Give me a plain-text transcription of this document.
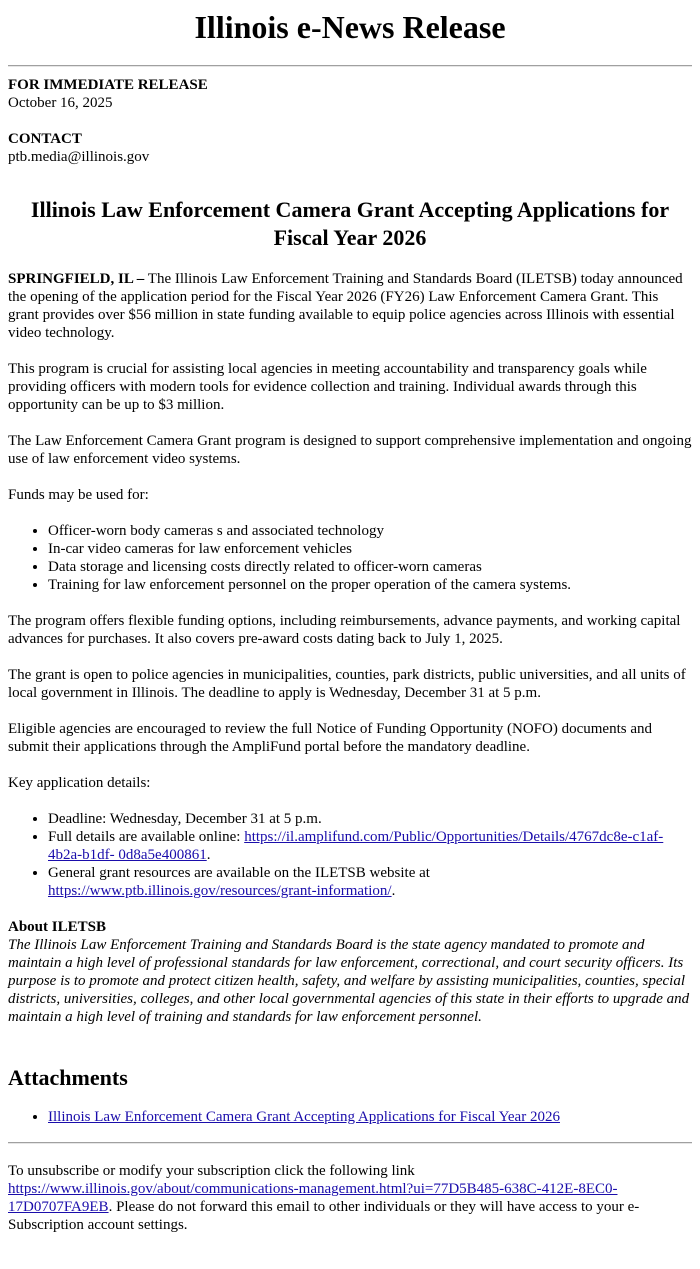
Illinois e-News Release
FOR IMMEDIATE RELEASE
October 16, 2025
CONTACT
ptb.media@illinois.gov
Illinois Law Enforcement Camera Grant Accepting Applications for Fiscal Year 2026

SPRINGFIELD, IL – The Illinois Law Enforcement Training and Standards Board (ILETSB) today announced the opening of the application period for the Fiscal Year 2026 (FY26) Law Enforcement Camera Grant. This grant provides over $56 million in state funding available to equip police agencies across Illinois with essential video technology.

This program is crucial for assisting local agencies in meeting accountability and transparency goals while providing officers with modern tools for evidence collection and training. Individual awards through this opportunity can be up to $3 million.

The Law Enforcement Camera Grant program is designed to support comprehensive implementation and ongoing use of law enforcement video systems.

Funds may be used for:

• Officer-worn body cameras s and associated technology
• In-car video cameras for law enforcement vehicles
• Data storage and licensing costs directly related to officer-worn cameras
• Training for law enforcement personnel on the proper operation of the camera systems.

The program offers flexible funding options, including reimbursements, advance payments, and working capital advances for purchases. It also covers pre-award costs dating back to July 1, 2025.

The grant is open to police agencies in municipalities, counties, park districts, public universities, and all units of local government in Illinois. The deadline to apply is Wednesday, December 31 at 5 p.m.

Eligible agencies are encouraged to review the full Notice of Funding Opportunity (NOFO) documents and submit their applications through the AmpliFund portal before the mandatory deadline.

Key application details:

• Deadline: Wednesday, December 31 at 5 p.m.
• Full details are available online: https://il.amplifund.com/Public/Opportunities/Details/4767dc8e-c1af-4b2a-b1df- 0d8a5e400861.
• General grant resources are available on the ILETSB website at https://www.ptb.illinois.gov/resources/grant-information/.
About ILETSB
The Illinois Law Enforcement Training and Standards Board is the state agency mandated to promote and maintain a high level of professional standards for law enforcement, correctional, and court security officers. Its purpose is to promote and protect citizen health, safety, and welfare by assisting municipalities, counties, special districts, universities, colleges, and other local governmental agencies of this state in their efforts to upgrade and maintain a high level of training and standards for law enforcement personnel.
Attachments
• Illinois Law Enforcement Camera Grant Accepting Applications for Fiscal Year 2026
To unsubscribe or modify your subscription click the following link https://www.illinois.gov/about/communications-management.html?ui=77D5B485-638C-412E-8EC0-17D0707FA9EB. Please do not forward this email to other individuals or they will have access to your e-Subscription account settings.
